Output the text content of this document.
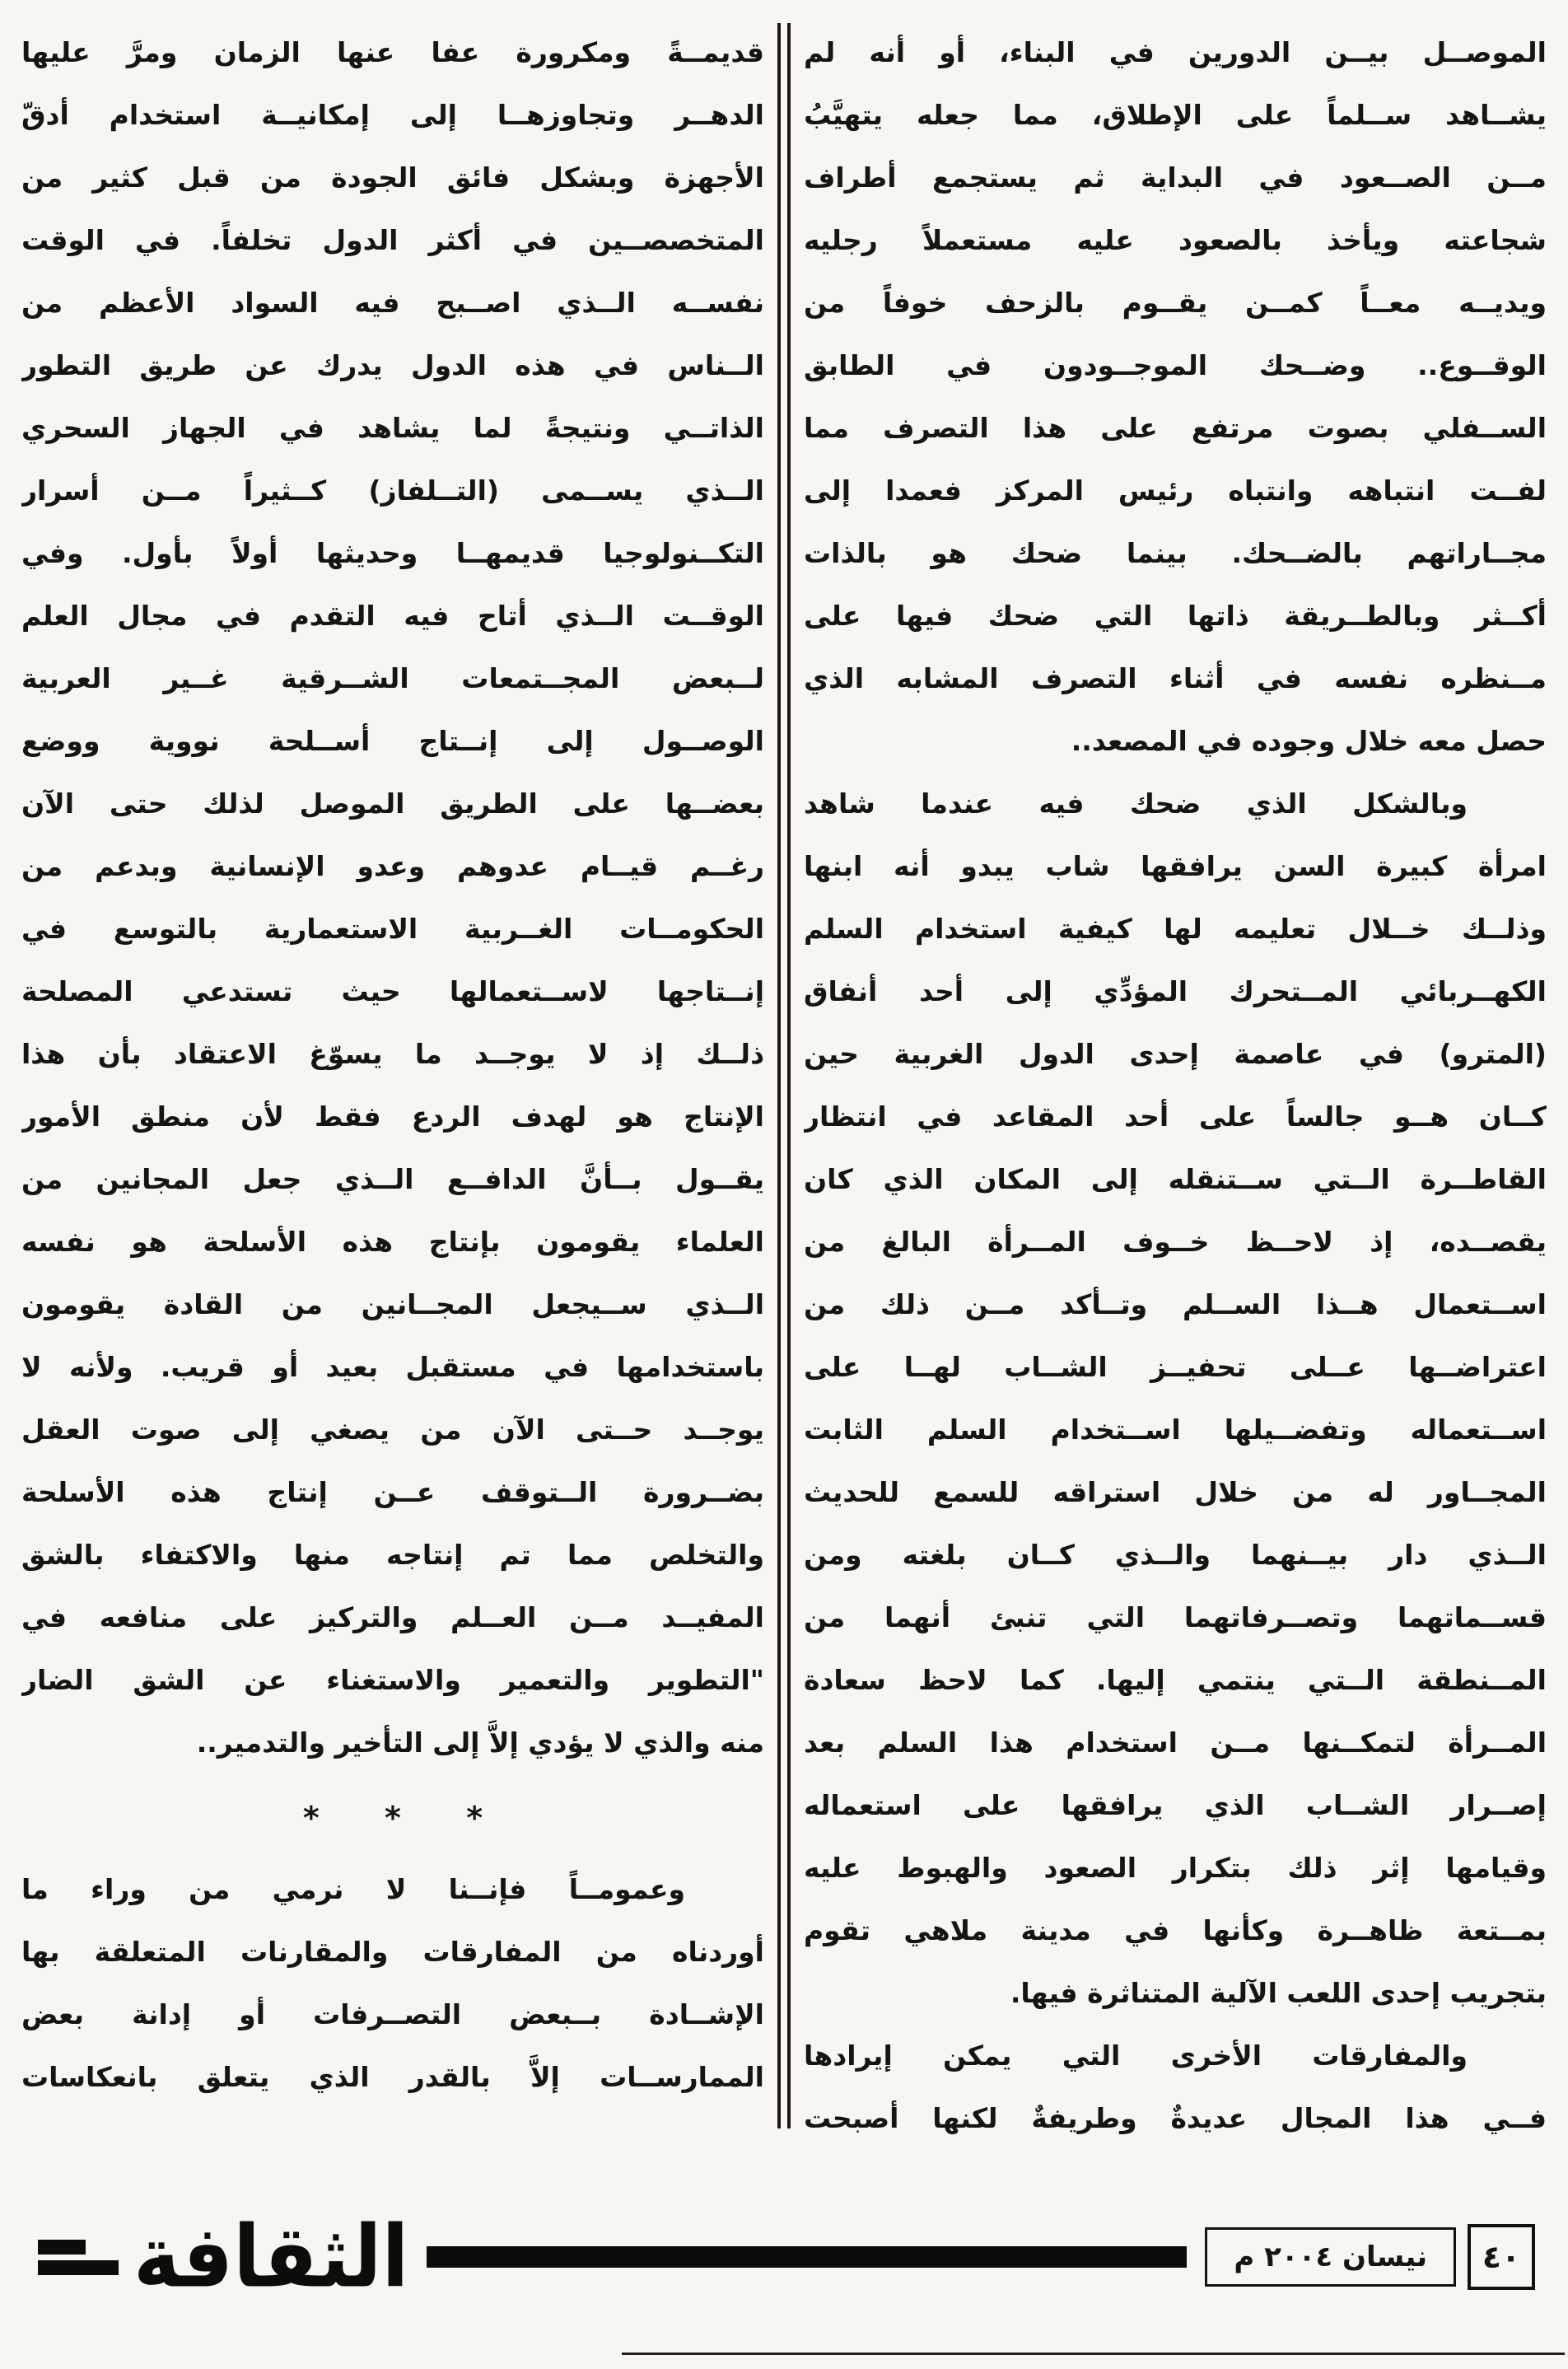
الموصــل بيــن الدورين في البناء، أو أنه لم
يشــاهد ســلماً على الإطلاق، مما جعله يتهيَّبُ
مــن الصــعود في البداية ثم يستجمع أطراف
شجاعته ويأخذ بالصعود عليه مستعملاً رجليه
ويديــه معــاً كمــن يقــوم بالزحف خوفاً من
الوقــوع.. وضــحك الموجــودون في الطابق
الســفلي بصوت مرتفع على هذا التصرف مما
لفــت انتباهه وانتباه رئيس المركز فعمدا إلى
مجــاراتهم بالضــحك. بينما ضحك هو بالذات
أكــثر وبالطــريقة ذاتها التي ضحك فيها على
مــنظره نفسه في أثناء التصرف المشابه الذي
حصل معه خلال وجوده في المصعد..
وبالشكل الذي ضحك فيه عندما شاهد
امرأة كبيرة السن يرافقها شاب يبدو أنه ابنها
وذلــك خــلال تعليمه لها كيفية استخدام السلم
الكهــربائي المــتحرك المؤدِّي إلى أحد أنفاق
(المترو) في عاصمة إحدى الدول الغربية حين
كــان هــو جالساً على أحد المقاعد في انتظار
القاطــرة الــتي ســتنقله إلى المكان الذي كان
يقصــده، إذ لاحــظ خــوف المــرأة البالغ من
اســتعمال هــذا الســلم وتــأكد مــن ذلك من
اعتراضــها عــلى تحفيــز الشــاب لهــا على
اســتعماله وتفضــيلها اســتخدام السلم الثابت
المجــاور له من خلال استراقه للسمع للحديث
الــذي دار بيــنهما والــذي كــان بلغته ومن
قســماتهما وتصــرفاتهما التي تنبئ أنهما من
المــنطقة الــتي ينتمي إليها. كما لاحظ سعادة
المــرأة لتمكــنها مــن استخدام هذا السلم بعد
إصــرار الشــاب الذي يرافقها على استعماله
وقيامها إثر ذلك بتكرار الصعود والهبوط عليه
بمــتعة ظاهــرة وكأنها في مدينة ملاهي تقوم
بتجريب إحدى اللعب الآلية المتناثرة فيها.
والمفارقات الأخرى التي يمكن إيرادها
فــي هذا المجال عديدةٌ وطريفةٌ لكنها أصبحت
قديمــةً ومكرورة عفا عنها الزمان ومرَّ عليها
الدهــر وتجاوزهــا إلى إمكانيــة استخدام أدقّ
الأجهزة وبشكل فائق الجودة من قبل كثير من
المتخصصــين في أكثر الدول تخلفاً. في الوقت
نفســه الــذي اصــبح فيه السواد الأعظم من
الــناس في هذه الدول يدرك عن طريق التطور
الذاتــي ونتيجةً لما يشاهد في الجهاز السحري
الــذي يســمى (التــلفاز) كــثيراً مــن أسرار
التكــنولوجيا قديمهــا وحديثها أولاً بأول. وفي
الوقــت الــذي أتاح فيه التقدم في مجال العلم
لــبعض المجــتمعات الشــرقية غــير العربية
الوصــول إلى إنــتاج أســلحة نووية ووضع
بعضــها على الطريق الموصل لذلك حتى الآن
رغــم قيــام عدوهم وعدو الإنسانية وبدعم من
الحكومــات الغــربية الاستعمارية بالتوسع في
إنــتاجها لاســتعمالها حيث تستدعي المصلحة
ذلــك إذ لا يوجــد ما يسوّغ الاعتقاد بأن هذا
الإنتاج هو لهدف الردع فقط لأن منطق الأمور
يقــول بــأنَّ الدافــع الــذي جعل المجانين من
العلماء يقومون بإنتاج هذه الأسلحة هو نفسه
الــذي ســيجعل المجــانين من القادة يقومون
باستخدامها في مستقبل بعيد أو قريب. ولأنه لا
يوجــد حــتى الآن من يصغي إلى صوت العقل
بضــرورة الــتوقف عــن إنتاج هذه الأسلحة
والتخلص مما تم إنتاجه منها والاكتفاء بالشق
المفيــد مــن العــلم والتركيز على منافعه في
"التطوير والتعمير والاستغناء عن الشق الضار
منه والذي لا يؤدي إلاَّ إلى التأخير والتدمير..
*      *      *
وعمومــاً فإنــنا لا نرمي من وراء ما
أوردناه من المفارقات والمقارنات المتعلقة بها
الإشــادة بــبعض التصــرفات أو إدانة بعض
الممارســات إلاَّ بالقدر الذي يتعلق بانعكاسات
٤٠
نيسان ٢٠٠٤ م
الثقافة
